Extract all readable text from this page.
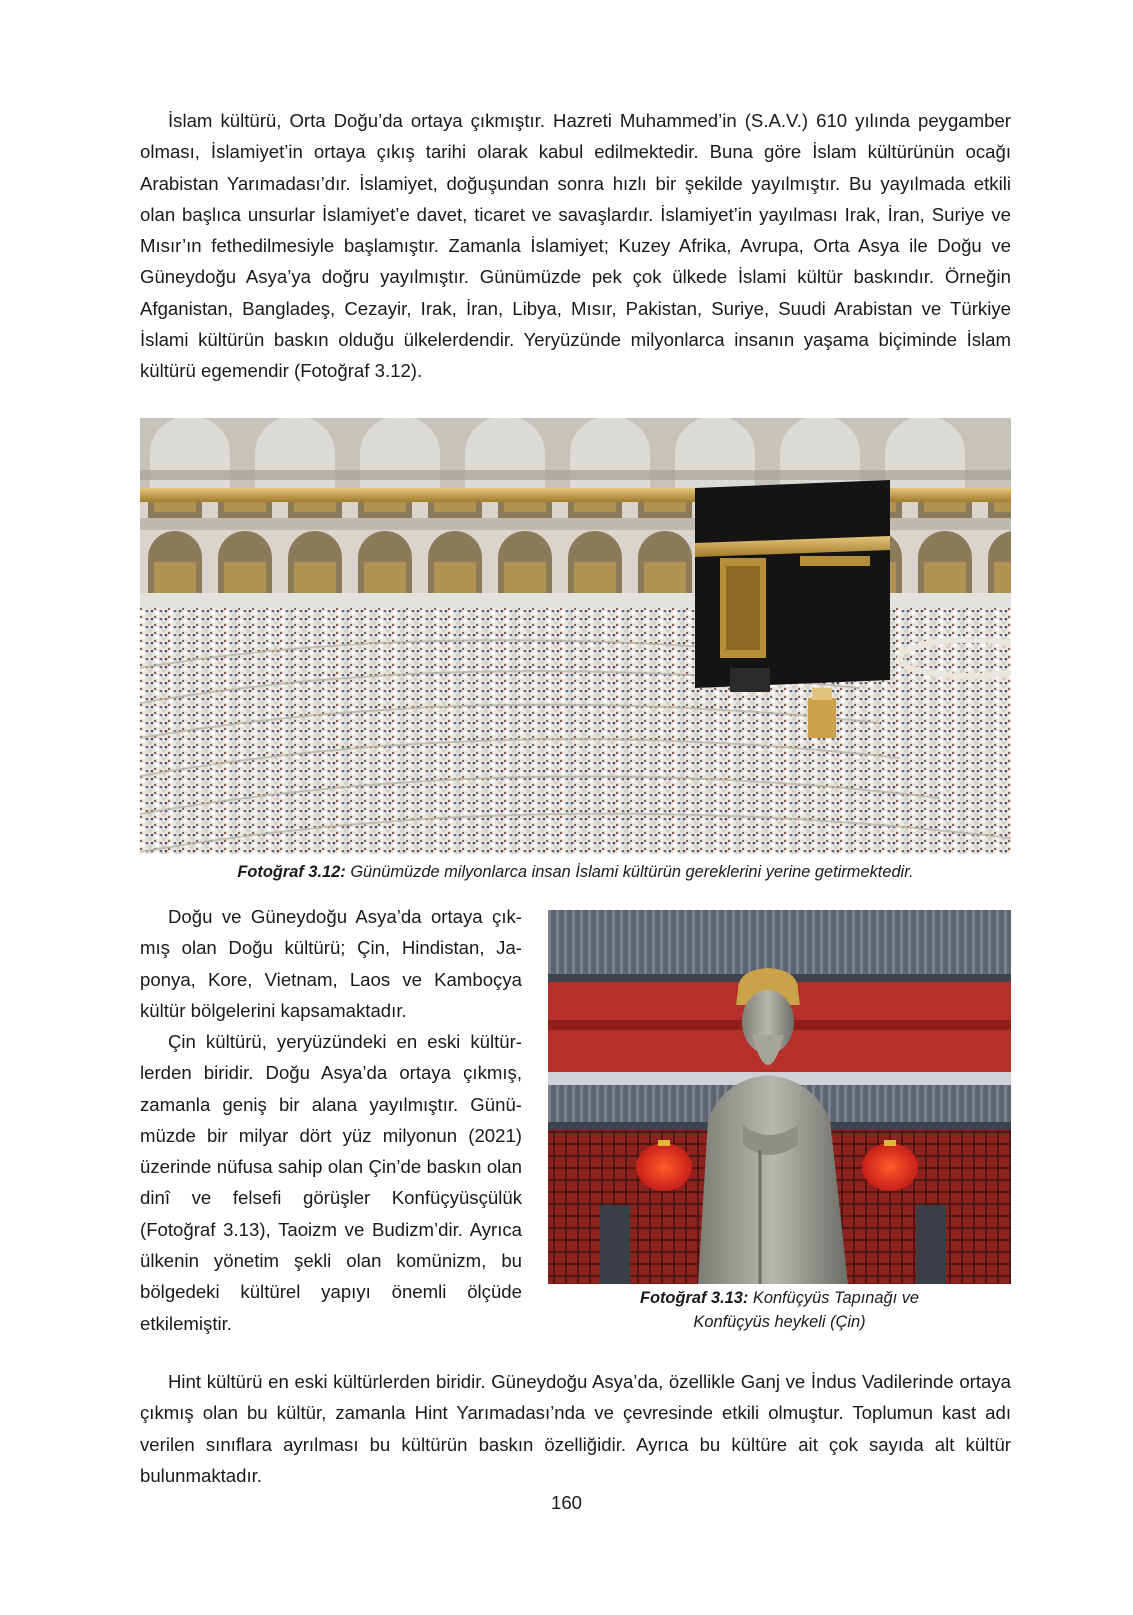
İslam kültürü, Orta Doğu’da ortaya çıkmıştır. Hazreti Muhammed’in (S.A.V.) 610 yılında peygamber olması, İslamiyet’in ortaya çıkış tarihi olarak kabul edilmektedir. Buna göre İslam kültürünün ocağı Arabistan Yarımadası’dır. İslamiyet, doğuşundan sonra hızlı bir şekilde yayılmıştır. Bu yayılmada etkili olan başlıca unsurlar İslamiyet’e davet, ticaret ve savaşlardır. İslamiyet’in yayılması Irak, İran, Suriye ve Mısır’ın fethedilmesiyle başlamıştır. Zamanla İslamiyet; Kuzey Afrika, Avrupa, Orta Asya ile Doğu ve Güneydoğu Asya’ya doğru yayılmıştır. Günümüzde pek çok ülkede İslami kültür baskındır. Örneğin Afganistan, Bangladeş, Cezayir, Irak, İran, Libya, Mısır, Pakistan, Suriye, Suudi Arabistan ve Türkiye İslami kültürün baskın olduğu ülkelerdendir. Yeryüzünde milyonlarca insanın yaşama biçiminde İslam kültürü egemendir (Fotoğraf 3.12).

Fotoğraf 3.12: Günümüzde milyonlarca insan İslami kültürün gereklerini yerine getirmektedir.

Doğu ve Güneydoğu Asya’da ortaya çıkmış olan Doğu kültürü; Çin, Hindistan, Japonya, Kore, Vietnam, Laos ve Kamboçya kültür bölgelerini kapsamaktadır.

Çin kültürü, yeryüzündeki en eski kültürlerden biridir. Doğu Asya’da ortaya çıkmış, zamanla geniş bir alana yayılmıştır. Günümüzde bir milyar dört yüz milyonun (2021) üzerinde nüfusa sahip olan Çin’de baskın olan dinî ve felsefi görüşler Konfüçyüsçülük (Fotoğraf 3.13), Taoizm ve Budizm’dir. Ayrıca ülkenin yönetim şekli olan komünizm, bu bölgedeki kültürel yapıyı önemli ölçüde etkilemiştir.

Fotoğraf 3.13: Konfüçyüs Tapınağı ve
Konfüçyüs heykeli (Çin)

Hint kültürü en eski kültürlerden biridir. Güneydoğu Asya’da, özellikle Ganj ve İndus Vadilerinde ortaya çıkmış olan bu kültür, zamanla Hint Yarımadası’nda ve çevresinde etkili olmuştur. Toplumun kast adı verilen sınıflara ayrılması bu kültürün baskın özelliğidir. Ayrıca bu kültüre ait çok sayıda alt kültür bulunmaktadır.

160
